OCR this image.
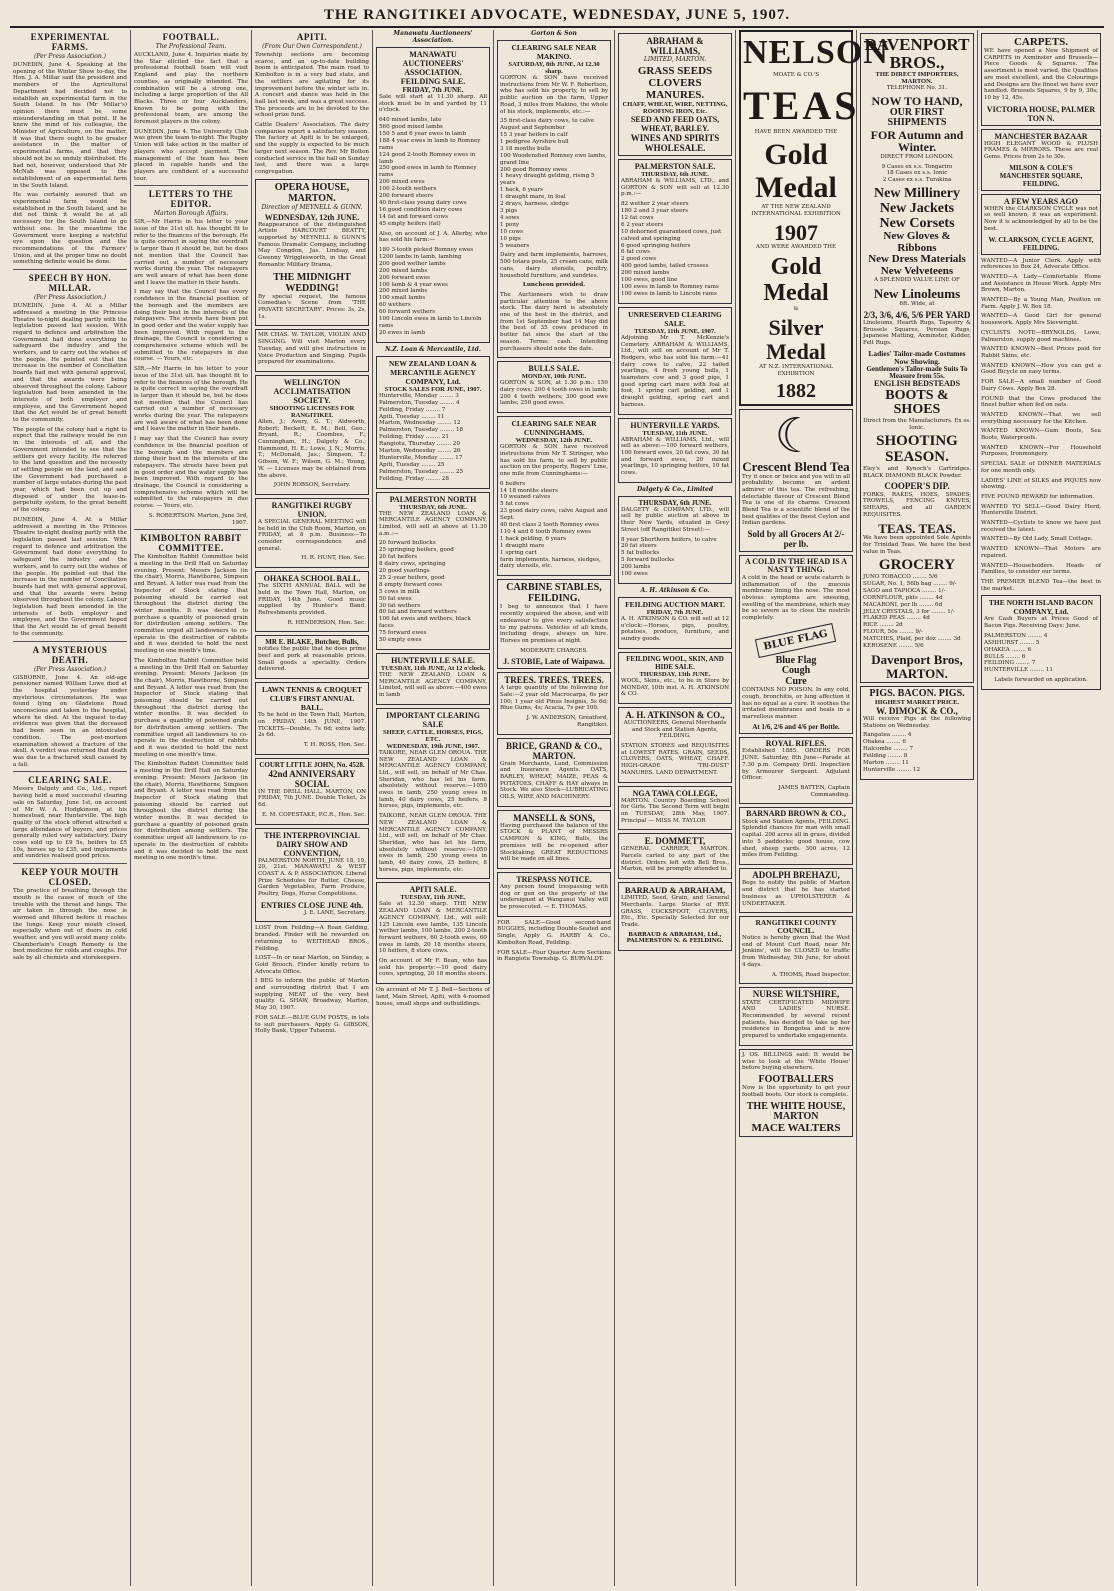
THE RANGITIKEI ADVOCATE, WEDNESDAY, JUNE 5, 1907.
EXPERIMENTAL FARMS.
(Per Press Association.)

DUNEDIN, June 4. Speaking at the opening of the Winter Show to-day, the Hon. J. A. Millar said the president and members of the Agricultural Department had decided not to establish an experimental farm in the South Island. In his (Mr Millar's) opinion there must be some misunderstanding on that point. If he knew the mind of his colleague, the Minister of Agriculture, on the matter, it was that there ought to be greater assistance in the matter of experimental farms, and that they should not be so unduly distributed. He had not, however, understood that Mr McNab was opposed to the establishment of an experimental farm in the South Island.

He was certainly assured that an experimental farm would be established in the South Island, and he did not think it would be at all necessary for the South Island to go without one. In the meantime the Government were keeping a watchful eye upon the question and the recommendations of the Farmers' Union, and at the proper time no doubt something definite would be done.

SPEECH BY HON. MILLAR.
(Per Press Association.)

DUNEDIN, June 4. At a Millar addressed a meeting in the Princess Theatre to-night dealing partly with the legislation passed last session. With regard to defence and arbitration the Government had done everything to safeguard the industry and the workers, and to carry out the wishes of the people. He pointed out that the increase in the number of Conciliation boards had met with general approval, and that the awards were being observed throughout the colony. Labour legislation had been amended in the interests of both employer and employee, and the Government hoped that the Act would be of great benefit to the community.

The people of the colony had a right to expect that the railways would be run in the interests of all, and the Government intended to see that the settlers got every facility. He referred to the land question and the necessity of settling people on the land, and said the Government had purchased a number of large estates during the past year, which had been cut up and disposed of under the lease-in-perpetuity system, to the great benefit of the colony.

DUNEDIN, June 4. At a Millar addressed a meeting in the Princess Theatre to-night dealing partly with the legislation passed last session. With regard to defence and arbitration the Government had done everything to safeguard the industry and the workers, and to carry out the wishes of the people. He pointed out that the increase in the number of Conciliation boards had met with general approval, and that the awards were being observed throughout the colony. Labour legislation had been amended in the interests of both employer and employee, and the Government hoped that the Act would be of great benefit to the community.

A MYSTERIOUS DEATH.
(Per Press Association.)

GISBORNE, June 4. An old-age pensioner named William Lowe died at the hospital yesterday under mysterious circumstances. He was found lying on Gladstone Road unconscious and taken to the hospital, where he died. At the inquest to-day evidence was given that the deceased had been seen in an intoxicated condition. The post-mortem examination showed a fracture of the skull. A verdict was returned that death was due to a fractured skull caused by a fall.

CLEARING SALE.

Messrs Dalgety and Co., Ltd., report having held a most successful clearing sale on Saturday, June 1st, on account of Mr W. A. Hodgkinson, at his homestead, near Hunterville. The high quality of the stock offered attracted a large attendance of buyers, and prices generally ruled very satisfactory. Dairy cows sold up to £9 5s, heifers to £5 10s, horses up to £35, and implements and sundries realised good prices.

KEEP YOUR MOUTH CLOSED.

The practice of breathing through the mouth is the cause of much of the trouble with the throat and lungs. The air taken in through the nose is warmed and filtered before it reaches the lungs. Keep your mouth closed, especially when out of doors in cold weather, and you will avoid many colds. Chamberlain's Cough Remedy is the best medicine for colds and coughs. For sale by all chemists and storekeepers.

FOOTBALL.
The Professional Team.

AUCKLAND, June 4. Inquiries made by the Star elicited the fact that a professional football team will visit England and play the northern counties, as originally intended. The combination will be a strong one, including a large proportion of the All Blacks. Three or four Aucklanders, known to be going with the professional team, are among the foremost players in the colony.

DUNEDIN, June 4. The University Club was given the team to-night. The Rugby Union will take action in the matter of players who accept payment. The management of the team has been placed in capable hands and the players are confident of a successful tour.

LETTERS TO THE EDITOR.
Marton Borough Affairs.

SIR,—Mr Harris in his letter to your issue of the 31st ult. has thought fit to refer to the finances of the borough. He is quite correct in saying the overdraft is larger than it should be, but he does not mention that the Council has carried out a number of necessary works during the year. The ratepayers are well aware of what has been done and I leave the matter in their hands.

I may say that the Council has every confidence in the financial position of the borough and the members are doing their best in the interests of the ratepayers. The streets have been put in good order and the water supply has been improved. With regard to the drainage, the Council is considering a comprehensive scheme which will be submitted to the ratepayers in due course. — Yours, etc.

SIR,—Mr Harris in his letter to your issue of the 31st ult. has thought fit to refer to the finances of the borough. He is quite correct in saying the overdraft is larger than it should be, but he does not mention that the Council has carried out a number of necessary works during the year. The ratepayers are well aware of what has been done and I leave the matter in their hands.

I may say that the Council has every confidence in the financial position of the borough and the members are doing their best in the interests of the ratepayers. The streets have been put in good order and the water supply has been improved. With regard to the drainage, the Council is considering a comprehensive scheme which will be submitted to the ratepayers in due course. — Yours, etc.

S. ROBERTSON. Marton, June 3rd, 1907.

KIMBOLTON RABBIT COMMITTEE.

The Kimbolton Rabbit Committee held a meeting in the Drill Hall on Saturday evening. Present: Messrs Jackson (in the chair), Morris, Hawthorne, Simpson and Bryant. A letter was read from the Inspector of Stock stating that poisoning should be carried out throughout the district during the winter months. It was decided to purchase a quantity of poisoned grain for distribution among settlers. The committee urged all landowners to co-operate in the destruction of rabbits and it was decided to hold the next meeting in one month's time.

The Kimbolton Rabbit Committee held a meeting in the Drill Hall on Saturday evening. Present: Messrs Jackson (in the chair), Morris, Hawthorne, Simpson and Bryant. A letter was read from the Inspector of Stock stating that poisoning should be carried out throughout the district during the winter months. It was decided to purchase a quantity of poisoned grain for distribution among settlers. The committee urged all landowners to co-operate in the destruction of rabbits and it was decided to hold the next meeting in one month's time.

The Kimbolton Rabbit Committee held a meeting in the Drill Hall on Saturday evening. Present: Messrs Jackson (in the chair), Morris, Hawthorne, Simpson and Bryant. A letter was read from the Inspector of Stock stating that poisoning should be carried out throughout the district during the winter months. It was decided to purchase a quantity of poisoned grain for distribution among settlers. The committee urged all landowners to co-operate in the destruction of rabbits and it was decided to hold the next meeting in one month's time.

APITI.
(From Our Own Correspondent.)

Township sections are becoming scarce, and an up-to-date building boom is anticipated. The main road to Kimbolton is in a very bad state, and the settlers are agitating for its improvement before the winter sets in. A concert and dance was held in the hall last week, and was a great success. The proceeds are to be devoted to the school prize fund.

Cattle Dealers' Association. The dairy companies report a satisfactory season. The factory at Apiti is to be enlarged, and the supply is expected to be much larger next season. The Rev. Mr Bolton conducted service in the hall on Sunday last, and there was a large congregation.

OPERA HOUSE, MARTON.
Direction of MEYNELL & GUNN.
WEDNESDAY, 12th JUNE.

Reappearance of the distinguished Artiste HARCOURT BEATTY, supported by MEYNELL & GUNN'S Famous Dramatic Company, including May Congdon, Jas. Lindsay, and Gwenny Wrigglesworth, in the Great Romantic Military Drama,

THE MIDNIGHT WEDDING!

By special request, the famous Comedian's Scene from 'THE PRIVATE SECRETARY'. Prices: 3s, 2s, 1s.

MR CHAS. W. TAYLOR, VIOLIN AND SINGING. Will visit Marton every Tuesday, and will give instruction in Voice Production and Singing. Pupils prepared for examinations.

WELLINGTON ACCLIMATISATION SOCIETY.
SHOOTING LICENSES FOR RANGITIKEI.

Allen, J.; Avery, G. T.; Aldworth, Robert; Beckett, E. M.; Bell, Geo.; Bryant, R.; Coombes, F.; Cunningham, H.; Dalgety & Co.; Hammond, H. E.; Lowe, J. N.; Morris, T.; McDonald, Jas.; Simpson, T.; Gibson, W. F.; Wilson, G. M.; Young, W. — Licenses may be obtained from the above.

JOHN ROBSON, Secretary.
RANGITIKEI RUGBY UNION.

A SPECIAL GENERAL MEETING will be held in the Club Room, Marton, on FRIDAY, at 8 p.m. Business—To consider correspondence and general.

H. R. HUNT, Hon. Sec.
OHAKEA SCHOOL BALL.

The SIXTH ANNUAL BALL will be held in the Town Hall, Marton, on FRIDAY, 14th June. Good music supplied by Hunter's Band. Refreshments provided.

R. HENDERSON, Hon. Sec.
MR E. BLAKE, Butcher, Bulls,

notifies the public that he does prime beef and pork at reasonable prices. Small goods a speciality. Orders delivered.

LAWN TENNIS & CROQUET CLUB'S FIRST ANNUAL BALL.

To be held in the Town Hall, Marton, on FRIDAY, 14th JUNE, 1907. TICKETS—Double, 7s 6d; extra lady, 2s 6d.

T. H. ROSS, Hon. Sec.
COURT LITTLE JOHN, No. 4528.
42nd ANNIVERSARY SOCIAL

IN THE DRILL HALL, MARTON, ON FRIDAY, 7th JUNE. Double Ticket, 2s 6d.

E. M. COPESTAKE, P.C.R., Hon. Sec.
THE INTERPROVINCIAL DAIRY SHOW AND CONVENTION,

PALMERSTON NORTH, JUNE 18, 19, 20, 21st. MANAWATU & WEST COAST A. & P. ASSOCIATION. Liberal Prize Schedules for Butter, Cheese, Garden Vegetables, Farm Produce, Poultry, Dogs, Horse Competitions.

ENTRIES CLOSE JUNE 4th.
J. E. LANE, Secretary.

LOST from Feilding—A Roan Gelding, branded. Finder will be rewarded on returning to WEITHEAD BROS., Feilding.

LOST—In or near Marton, on Sunday, a Gold Brooch. Finder kindly return to Advocate Office.

I BEG to inform the public of Marton and surrounding district that I am supplying MEAT of the very best quality. G. SHAW, Broadway, Marton, May 30, 1907.

FOR SALE.—BLUE GUM POSTS, in lots to suit purchasers. Apply G. GIBSON, Holly Bank, Upper Tutaenui.

Manawatu Auctioneers' Association.
MANAWATU AUCTIONEERS' ASSOCIATION.
FEILDING SALE.
FRIDAY, 7th JUNE.

Sale will start at 11.30 sharp. All stock must be in and yarded by 11 o'clock.

640 mixed lambs, late
560 good mixed lambs
150 5 and 6 year ewes in lamb
188 4 year ewes in lamb to Romney rams
124 good 2-tooth Romney ewes in lamb
250 good ewes in lamb to Romney rams
200 mixed ewes
100 2-tooth wethers
200 forward steers
40 first-class young dairy cows
16 good condition dairy cows
14 fat and forward cows
45 empty heifers (fat)

Also, on account of J. A. Allerby, who has sold his farm:—

180 3-tooth picked Romney ewes
1200 lambs in lamb, lambing
200 good wether lambs
200 mixed lambs
200 forward ewes
100 lamb & 4 year ewes
200 mixed lambs
100 small lambs
60 wethers
60 forward wethers
100 Lincoln ewes in lamb to Lincoln rams
20 ewes in lamb
N.Z. Loan & Mercantile, Ltd.
NEW ZEALAND LOAN & MERCANTILE AGENCY COMPANY, Ltd.
STOCK SALES FOR JUNE, 1907.
Hunterville, Monday ........ 3
Palmerston, Tuesday ........ 4
Feilding, Friday ........ 7
Apiti, Tuesday ........ 11
Marton, Wednesday ........ 12
Palmerston, Tuesday ........ 18
Feilding, Friday ........ 21
Rangiotu, Thursday ........ 20
Marton, Wednesday ........ 26
Hunterville, Monday ........ 17
Apiti, Tuesday ........ 25
Palmerston, Tuesday ........ 25
Feilding, Friday ........ 28
PALMERSTON NORTH
THURSDAY, 6th JUNE.

THE NEW ZEALAND LOAN & MERCANTILE AGENCY COMPANY, Limited, will sell at above at 11.30 a.m.:—

20 forward bullocks
25 springing heifers, good
20 fat heifers
8 dairy cows, springing
20 good yearlings
25 2-year heifers, good
8 empty forward cows
5 cows in milk
50 fat ewes
30 fat wethers
80 fat and forward wethers
100 fat ewes and wethers, black faces
75 forward ewes
50 empty ewes
HUNTERVILLE SALE.
TUESDAY, 11th JUNE, At 12 o'clock.

THE NEW ZEALAND LOAN & MERCANTILE AGENCY COMPANY, Limited, will sell as above:—400 ewes in lamb

IMPORTANT CLEARING SALE
SHEEP, CATTLE, HORSES, PIGS, ETC.
WEDNESDAY, 19th JUNE, 1907.

TAIKORE, NEAR GLEN OROUA. THE NEW ZEALAND LOAN & MERCANTILE AGENCY COMPANY, Ltd., will sell, on behalf of Mr Chas. Sheridan, who has let his farm, absolutely without reserve:—1050 ewes in lamb, 250 young ewes in lamb, 40 dairy cows, 25 heifers, 8 horses, pigs, implements, etc.

TAIKORE, NEAR GLEN OROUA. THE NEW ZEALAND LOAN & MERCANTILE AGENCY COMPANY, Ltd., will sell, on behalf of Mr Chas. Sheridan, who has let his farm, absolutely without reserve:—1050 ewes in lamb, 250 young ewes in lamb, 40 dairy cows, 25 heifers, 8 horses, pigs, implements, etc.

APITI SALE.
TUESDAY, 11th JUNE.

Sale at 12.30 sharp. THE NEW ZEALAND LOAN & MERCANTILE AGENCY COMPANY, Ltd., will sell: 125 Lincoln ewe lambs, 135 Lincoln wether lambs, 100 lambs, 200 2-tooth forward wethers, 60 2-tooth ewes, 60 ewes in lamb, 20 18 months steers, 10 heifers, 8 store cows.

On account of Mr F. Bean, who has sold his property:—10 good dairy cows, springing, 20 18 months steers.

On account of Mr T. J. Bell—Sections of land, Main Street, Apiti, with 4-roomed house, small shops and outbuildings.

Gorton & Son
CLEARING SALE NEAR MAKINO.
SATURDAY, 8th JUNE, At 12.30 sharp.

GORTON & SON have received instructions from Mr W. F. Robertson, who has sold his property, to sell by public auction on the farm, Upper Road, 3 miles from Makino, the whole of his stock, implements, etc.:—

35 first-class dairy cows, to calve August and September
15 3 year heifers in calf
1 pedigree Ayrshire bull
3 18 months bulls
100 Woodenshed Romney ewe lambs, grand line
200 good Romney ewes
1 heavy draught gelding, rising 5 years
1 hack, 6 years
1 draught mare, in foal
2 drays, harness, sledge
3 pigs
4 sows
1 pony
10 cows
10 pigs
5 weaners

Dairy and farm implements, harrows, 500 totara posts, 25 cream cans, milk cans, dairy utensils, poultry, household furniture, and sundries.

Luncheon provided.

The Auctioneers wish to draw particular attention to the above stock. The dairy herd is absolutely one of the best in the district, and from 1st September had 14 May did the best of 35 cows produced in butter fat since the start of the season. Terms: cash. Intending purchasers should note the date.

BULLS SALE.
MONDAY, 10th JUNE.

GORTON & SON, at 1.30 p.m.: 150 dairy cows; 200 4 tooth ewes in lamb; 200 4 tooth wethers; 300 good ewe lambs; 250 good ewes.

CLEARING SALE NEAR CUNNINGHAMS.
WEDNESDAY, 12th JUNE.

GORTON & SON have received instructions from Mr T. Stringer, who has sold his farm, to sell by public auction on the property, Rogers' Line, one mile from Cunninghams:—

6 heifers
14 18 months steers
10 weaned calves
5 fat cows
23 good dairy cows, calve August and Sept.
40 first class 2 tooth Romney ewes
110 4 and 6 tooth Romney ewes
1 hack gelding, 6 years
1 draught mare
1 spring cart
farm implements, harness, sledges, dairy utensils, etc.
CARBINE STABLES, FEILDING.

I beg to announce that I have recently acquired the above, and will endeavour to give every satisfaction to my patrons. Vehicles of all kinds, including drags, always on hire. Horses on premises at night.

MODERATE CHARGES.
J. STOBIE, Late of Waipawa.
TREES. TREES. TREES.

A large quantity of the following for Sale:—2 year old Macrocarpa, 6s per 100; 1 year old Pinus Insignis, 5s 6d; Blue Gums, 4s; Acacia, 7s per 100.

J. W. ANDERSON, Greatford, Rangitikei.
BRICE, GRAND & CO., MARTON.

Grain Merchants, Land, Commission and Insurance Agents. OATS, BARLEY, WHEAT, MAIZE, PEAS & POTATOES, CHAFF & HAY always in Stock. We also Stock—LUBRICATING OILS, WIRE AND MACHINERY.

MANSELL & SONS,

Having purchased the balance of the STOCK & PLANT of MESSRS CAMPION & KING, Bulls, the premises will be re-opened after Stocktaking. GREAT REDUCTIONS will be made on all lines.

TRESPASS NOTICE.

Any person found trespassing with dog or gun on the property of the undersigned at Wanganui Valley will be prosecuted. — E. THOMAS.

FOR SALE—Good second-hand BUGGIES, including Double-Seated and Single, Apply G. HARBY & Co., Kimbolton Road, Feilding.

FOR SALE—Four Quarter Acre Sections in Rangiotu Township. G. BURVALDT.

ABRAHAM & WILLIAMS,
LIMITED, MARTON.
GRASS SEEDS CLOVERS MANURES.
CHAFF, WHEAT, WIRE, NETTING, ROOFING IRON, Etc.
SEED AND FEED OATS, WHEAT, BARLEY.
WINES AND SPIRITS WHOLESALE.
PALMERSTON SALE.
THURSDAY, 6th JUNE.

ABRAHAM & WILLIAMS, LTD., and GORTON & SON will sell at 12.30 p.m.:—

82 wether 2 year steers
180 2 and 3 year steers
12 fat cows
6 2 year steers
10 dehorned guaranteed cows, just calved and springing
6 good springing heifers
6 fat cows
2 good cows
400 good lambs, tailed crosses
200 mixed lambs
100 ewes, good line
100 ewes in lamb to Romney rams
100 ewes in lamb to Lincoln rams
UNRESERVED CLEARING SALE.
TUESDAY, 11th JUNE, 1907.

Adjoining Mr T. McKenzie's Cemetery. ABRAHAM & WILLIAMS, Ltd., will sell on account of Mr T. Rodgers, who has sold his farm:—41 dairy cows to calve, 22 tailed yearlings, 4 fresh young bulls, 1 teamsters cow and 3 good pigs, 1 good spring cart mare with foal at foot, 1 spring cart gelding, and 1 draught gelding, spring cart and harness.

HUNTERVILLE YARDS.
TUESDAY, 11th JUNE.

ABRAHAM & WILLIAMS, Ltd., will sell as above:—100 forward wethers, 100 forward ewes, 20 fat cows, 30 fat and forward ewes, 20 mixed yearlings, 10 springing heifers, 10 fat cows.

Dalgety & Co., Limited
THURSDAY, 6th JUNE.

DALGETY & COMPANY, LTD., will sell by public auction at above in their New Yards, situated in Grey Street (off Rangitikei Street):—

8 year Shorthorn heifers, to calve
20 fat steers
5 fat bullocks
5 forward bullocks
200 lambs
100 ewes
A. H. Atkinson & Co.
FEILDING AUCTION MART.
FRIDAY, 7th JUNE.

A. H. ATKINSON & CO. will sell at 12 o'clock:—Horses, pigs, poultry, potatoes, produce, furniture, and sundry goods.

FEILDING WOOL, SKIN, AND HIDE SALE.
THURSDAY, 13th JUNE.

WOOL, Skins, etc., to be in Store by MONDAY, 10th inst. A. H. ATKINSON & CO.

A. H. ATKINSON & CO.,
AUCTIONEERS, General Merchants and Stock and Station Agents, FEILDING.

STATION STORES and REQUISITES at LOWEST RATES. GRAIN, SEEDS, CLOVERS, OATS, WHEAT, CHAFF. HIGH-GRADE 'TRI-DUST' MANURES. LAND DEPARTMENT.

NGA TAWA COLLEGE,

MARTON. Country Boarding School for Girls. The Second Term will begin on TUESDAY, 28th May, 1907. Principal — MISS M. TAYLOR

E. DOMMETT,

GENERAL CARRIER, MARTON. Parcels carted to any part of the district. Orders left with Bell Bros., Marton, will be promptly attended to.

BARRAUD & ABRAHAM,

LIMITED, Seed, Grain, and General Merchants. Large Stocks of RYE GRASS, COCKSFOOT, CLOVERS, Etc., Etc. Specially Selected for our Trade.

BARRAUD & ABRAHAM, Ltd., PALMERSTON N. & FEILDING.
NELSON
MOATE & CO.'S
TEAS
HAVE BEEN AWARDED THE
Gold Medal
AT THE NEW ZEALAND INTERNATIONAL EXHIBITION
1907
AND WERE AWARDED THE
Gold Medal
&
Silver Medal
AT N.Z. INTERNATIONAL EXHIBITION
1882
☾
Crescent Blend Tea

Try it once or twice and you will in all probability become an ardent admirer of this tea. The refreshing, delectable flavour of Crescent Blend Tea is one of its charms. Crescent Blend Tea is a scientific blend of the best qualities of the finest Ceylon and Indian gardens.

Sold by all Grocers At 2/- per lb.
A COLD IN THE HEAD IS A NASTY THING.

A cold in the head or acute catarrh is inflammation of the mucous membrane lining the nose. The most obvious symptoms are sneezing, swelling of the membrane, which may be so severe as to close the nostrils completely.

BLUE FLAG Blue Flag Cough Cure

CONTAINS NO POISON. In any cold, cough, bronchitis, or lung affection it has no equal as a cure. It soothes the irritated membranes and heals in a marvellous manner.

At 1/6, 2/6 and 4/6 per Bottle.
ROYAL RIFLES.

Established 1885. ORDERS FOR JUNE. Saturday, 8th June—Parade at 7.30 p.m. Company Drill. Inspection by Armourer Sergeant. Adjutant Officer.

JAMES BATTEN, Captain Commanding.
BARNARD BROWN & CO.,

Stock and Station Agents, FEILDING. Splendid chances for man with small capital. 200 acres all in grass, divided into 5 paddocks; good house, cow shed, sheep yards. 300 acres, 12 miles from Feilding.

ADOLPH BREHAZU,

Begs to notify the public of Marton and district that he has started business as UPHOLSTERER & UNDERTAKER.

RANGITIKEI COUNTY COUNCIL.

Notice is hereby given that the West end of Mount Curl Road, near Mr Jenkins', will be CLOSED to traffic from Wednesday, 5th June, for about 4 days.

A. THOMS, Road Inspector.
NURSE WILTSHIRE,

STATE CERTIFICATED MIDWIFE AND LADIES' NURSE. Recommended by several recent patients, has decided to take up her residence in Bongotea and is now prepared to undertake engagements.

J. OS. BILLINGS said: It would be wise to look at the 'White House' before buying elsewhere.

FOOTBALLERS

Now is the opportunity to get your football boots. Our stock is complete.

THE WHITE HOUSE, MARTON
MACE WALTERS
DAVENPORT BROS.,
THE DIRECT IMPORTERS, MARTON.
TELEPHONE No. 31.
NOW TO HAND,
OUR FIRST SHIPMENTS
FOR Autumn and Winter.
DIRECT FROM LONDON.
9 Cases ex s.s. Tongariro
18 Cases ex s.s. Ionic
2 Cases ex s.s. Turakina
New Millinery
New Jackets
New Corsets
New Gloves & Ribbons
New Dress Materials
New Velveteens
A SPLENDID VALUE LINE OF
New Linoleums
6ft. Wide, at
2/3, 3/6, 4/6, 5/6 PER YARD

Linoleums, Hearth Rugs, Tapestry & Brussels Squares, Persian Rugs, Japanese Matting, Axminster, Kidder, Felt Rugs.

Ladies' Tailor-made Costumes Now Showing.
Gentlemen's Tailor-made Suits To Measure from 55s.
ENGLISH BEDSTEADS
BOOTS & SHOES
Direct from the Manufacturers. Ex ss. Ionic.
SHOOTING SEASON.

Eley's and Kynoch's Cartridges. BLACK DIAMOND BLACK Powder.

COOPER'S DIP.

FORKS, RAKES, HOES, SPADES, TROWELS, FENCING KNIVES, SHEARS, and all GARDEN REQUISITES.

TEAS. TEAS.

We have been appointed Sole Agents for Trinidad Teas. We have the best value in Teas.

GROCERY
JUNO TOBACCO ........ 5/6
SUGAR, No. 1, 56lb bag ........ 9/-
SAGO and TAPIOCA ........ 1/-
CORNFLOUR, pkts ........ 4d
MACARONI, per lb ........ 6d
JELLY CRYSTALS, 3 for ........ 1/-
FLAKED PEAS ........ 4d
RICE ........ 2d
FLOUR, 50s ........ 9/-
MATCHES, Plaid, per doz ........ 3d
KEROSENE ........ 5/6
Davenport Bros, MARTON.
PIGS. BACON. PIGS.
HIGHEST MARKET PRICE.
W. DIMOCK & CO.,

Will receive Pigs at the following Stations on Wednesday.

Rangatea ........ 4
Ohakea ........ 6
Halcombe ........ 7
Feilding ........ 8
Marton ........ 11
Hunterville ........ 12
CARPETS.

WE have opened a New Shipment of CARPETS in Axminster and Brussels—Piece Goods & Squares. The assortment is most varied, the Qualities are most excellent, and the Colourings and Designs are the finest we have ever handled. Brussels Squares, 9 by 9, 30s; 10 by 12, 45s.

VICTORIA HOUSE, PALMER TON N.
MANCHESTER BAZAAR

HIGH ELEGANT WOOD & PLUSH FRAMES & MIRRORS. These are real Gems. Prices from 2s to 30s.

MILSON & COLE'S MANCHESTER SQUARE, FEILDING.
A FEW YEARS AGO

WHEN the CLARKSON CYCLE was not so well known, it was an experiment. Now it is acknowledged by all to be the best.

W. CLARKSON, CYCLE AGENT, FEILDING.
WANTED—A Junior Clerk. Apply with references to Box 24, Advocate Office.
WANTED—A Lady—Comfortable Home and Assistance in House Work. Apply Mrs Brown, Marton.
WANTED—By a Young Man, Position on Farm. Apply J. W. Box 18.
WANTED—A Good Girl for general housework. Apply Mrs Sievwright.
CYCLISTS NOTE—BRYNOLDS, Lowe, Palmerston, supply good machines.
WANTED KNOWN—Best Prices paid for Rabbit Skins, etc.
WANTED KNOWN—How you can get a Good Bicycle on easy terms.
FOR SALE—A small number of Good Dairy Cows. Apply Box 28.
FOUND that the Cows produced the finest butter when fed on oats.
WANTED KNOWN—That we sell everything necessary for the Kitchen.
WANTED KNOWN—Gum Boots, Sea Boots, Waterproofs.
WANTED KNOWN—For Household Purposes, Ironmongery.
SPECIAL SALE of DINNER MATERIALS for one month only.
LADIES' LINE of SILKS and PIQUES now showing.
FIVE POUND REWARD for information.
WANTED TO SELL—Good Dairy Herd, Hunterville District.
WANTED—Cyclists to know we have just received the latest.
WANTED—By Old Lady, Small Cottage.
WANTED KNOWN—That Motors are repaired.
WANTED—Householders. Heads of Families, to consider our terms.
THE PREMIER BLEND Tea—the best in the market.
THE NORTH ISLAND BACON COMPANY, Ltd.

Are Cash Buyers at Prices Good of Bacon Pigs. Receiving Days: June.

PALMERSTON ........ 4
ASHHURST ........ 5
OHAKEA ........ 6
BULLS ........ 6
FEILDING ........ 7
HUNTERVILLE ........ 11
Labels forwarded on application.
